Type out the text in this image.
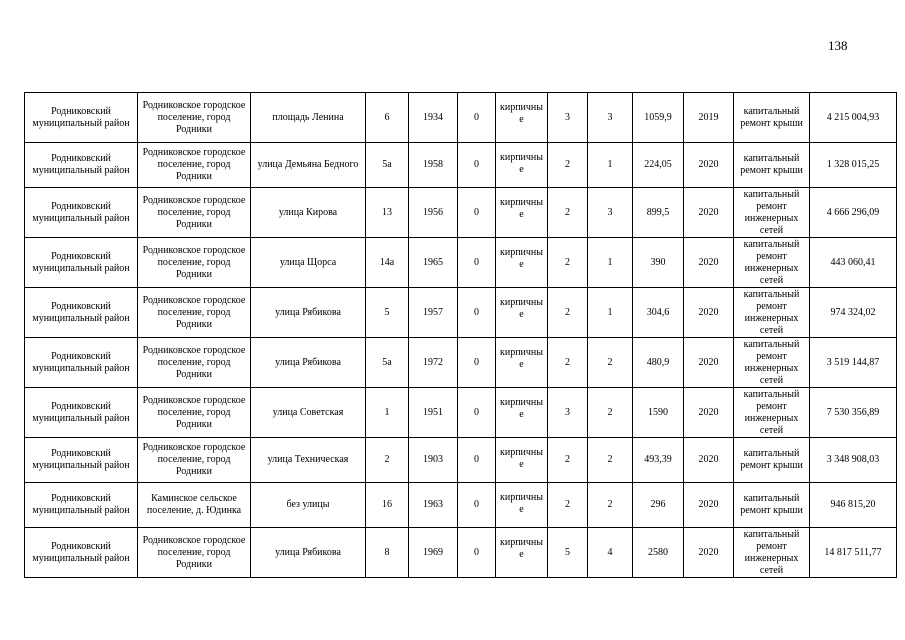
138
Родниковский муниципальный район	Родниковское городское поселение, город Родники	площадь Ленина	6	1934	0	кирпичные	3	3	1059,9	2019	капитальный ремонт крыши	4 215 004,93
Родниковский муниципальный район	Родниковское городское поселение, город Родники	улица Демьяна Бедного	5а	1958	0	кирпичные	2	1	224,05	2020	капитальный ремонт крыши	1 328 015,25
Родниковский муниципальный район	Родниковское городское поселение, город Родники	улица Кирова	13	1956	0	кирпичные	2	3	899,5	2020	капитальный ремонт инженерных сетей	4 666 296,09
Родниковский муниципальный район	Родниковское городское поселение, город Родники	улица Щорса	14а	1965	0	кирпичные	2	1	390	2020	капитальный ремонт инженерных сетей	443 060,41
Родниковский муниципальный район	Родниковское городское поселение, город Родники	улица Рябикова	5	1957	0	кирпичные	2	1	304,6	2020	капитальный ремонт инженерных сетей	974 324,02
Родниковский муниципальный район	Родниковское городское поселение, город Родники	улица Рябикова	5а	1972	0	кирпичные	2	2	480,9	2020	капитальный ремонт инженерных сетей	3 519 144,87
Родниковский муниципальный район	Родниковское городское поселение, город Родники	улица Советская	1	1951	0	кирпичные	3	2	1590	2020	капитальный ремонт инженерных сетей	7 530 356,89
Родниковский муниципальный район	Родниковское городское поселение, город Родники	улица Техническая	2	1903	0	кирпичные	2	2	493,39	2020	капитальный ремонт крыши	3 348 908,03
Родниковский муниципальный район	Каминское сельское поселение, д. Юдинка	без улицы	16	1963	0	кирпичные	2	2	296	2020	капитальный ремонт крыши	946 815,20
Родниковский муниципальный район	Родниковское городское поселение, город Родники	улица Рябикова	8	1969	0	кирпичные	5	4	2580	2020	капитальный ремонт инженерных сетей	14 817 511,77
